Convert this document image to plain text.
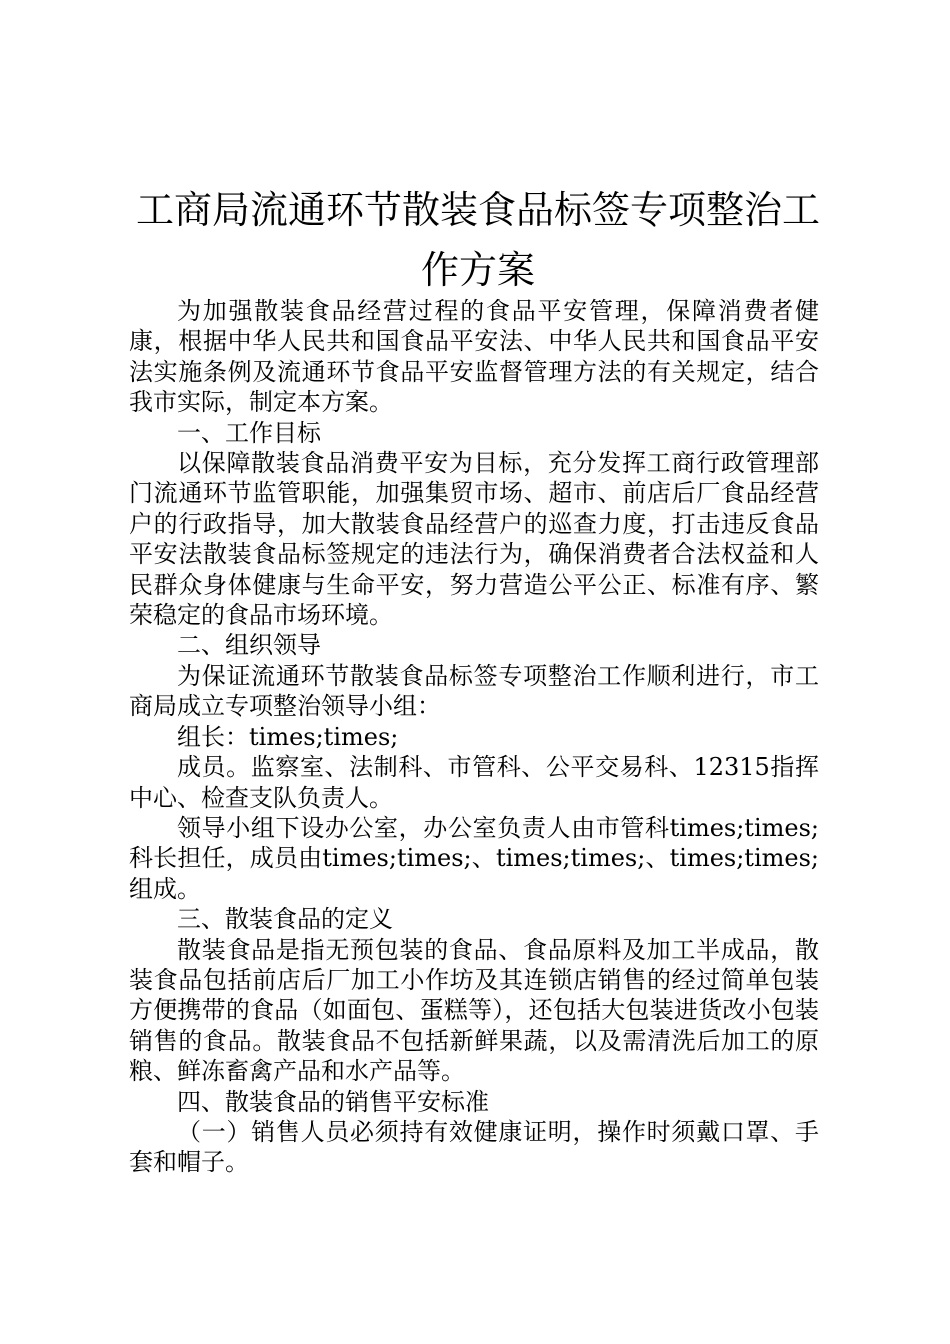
工商局流通环节散装食品标签专项整治工作方案

为加强散装食品经营过程的食品平安管理，保障消费者健康，根据中华人民共和国食品平安法、中华人民共和国食品平安法实施条例及流通环节食品平安监督管理方法的有关规定，结合我市实际，制定本方案。

一、工作目标

以保障散装食品消费平安为目标，充分发挥工商行政管理部门流通环节监管职能，加强集贸市场、超市、前店后厂食品经营户的行政指导，加大散装食品经营户的巡查力度，打击违反食品平安法散装食品标签规定的违法行为，确保消费者合法权益和人民群众身体健康与生命平安，努力营造公平公正、标准有序、繁荣稳定的食品市场环境。

二、组织领导

为保证流通环节散装食品标签专项整治工作顺利进行，市工商局成立专项整治领导小组：

组长：times;times;

成员。监察室、法制科、市管科、公平交易科、12315指挥中心、检查支队负责人。

领导小组下设办公室，办公室负责人由市管科times;times;科长担任，成员由times;times;、times;times;、times;times;组成。

三、散装食品的定义

散装食品是指无预包装的食品、食品原料及加工半成品，散装食品包括前店后厂加工小作坊及其连锁店销售的经过简单包装方便携带的食品（如面包、蛋糕等），还包括大包装进货改小包装销售的食品。散装食品不包括新鲜果蔬，以及需清洗后加工的原粮、鲜冻畜禽产品和水产品等。

四、散装食品的销售平安标准

（一）销售人员必须持有效健康证明，操作时须戴口罩、手套和帽子。
